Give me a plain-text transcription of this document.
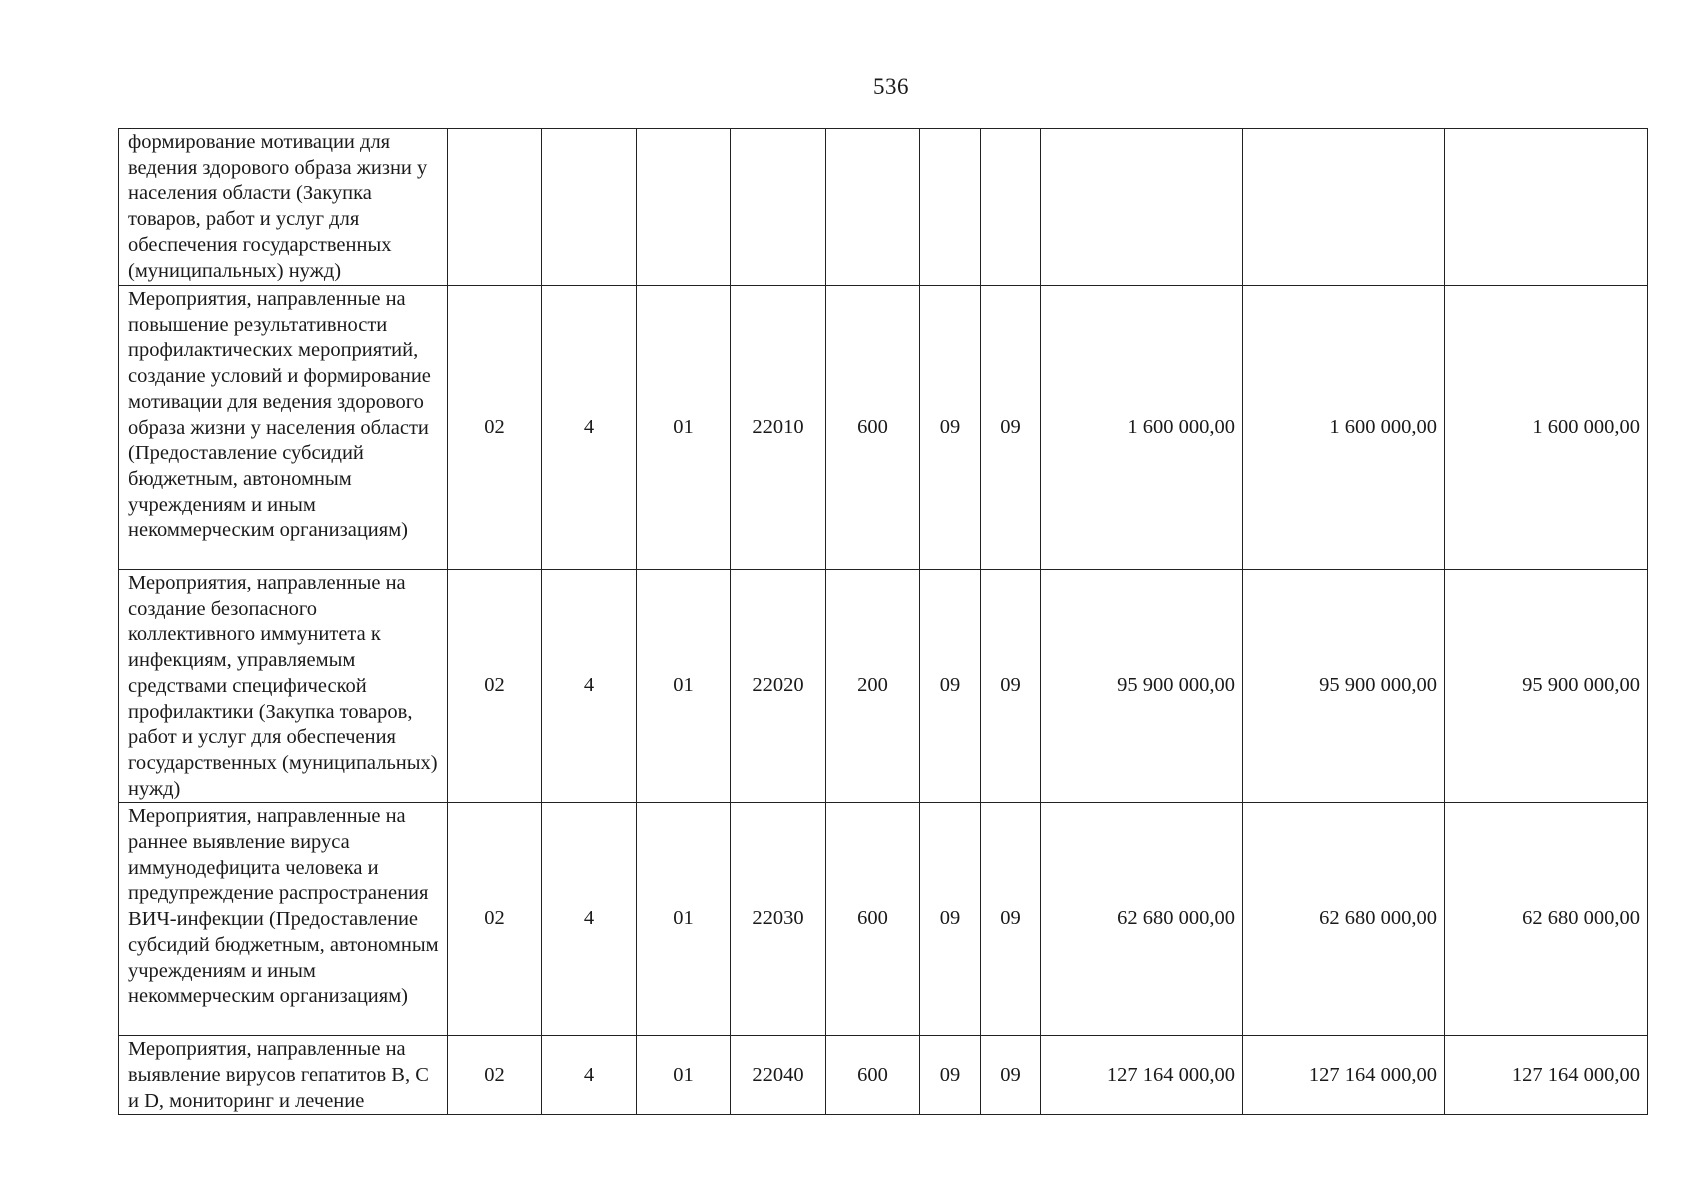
536
формирование мотивации для ведения здорового образа жизни у населения области (Закупка товаров, работ и услуг для обеспечения государственных (муниципальных) нужд)										
Мероприятия, направленные на повышение результативности профилактических мероприятий, создание условий и формирование мотивации для ведения здорового образа жизни у населения области (Предоставление субсидий бюджетным, автономным учреждениям и иным некоммерческим организациям)	02	4	01	22010	600	09	09	1 600 000,00	1 600 000,00	1 600 000,00
Мероприятия, направленные на создание безопасного коллективного иммунитета к инфекциям, управляемым средствами специфической профилактики (Закупка товаров, работ и услуг для обеспечения государственных (муниципальных) нужд)	02	4	01	22020	200	09	09	95 900 000,00	95 900 000,00	95 900 000,00
Мероприятия, направленные на раннее выявление вируса иммунодефицита человека и предупреждение распространения ВИЧ-инфекции (Предоставление субсидий бюджетным, автономным учреждениям и иным некоммерческим организациям)	02	4	01	22030	600	09	09	62 680 000,00	62 680 000,00	62 680 000,00
Мероприятия, направленные на выявление вирусов гепатитов B, C и D, мониторинг и лечение	02	4	01	22040	600	09	09	127 164 000,00	127 164 000,00	127 164 000,00
